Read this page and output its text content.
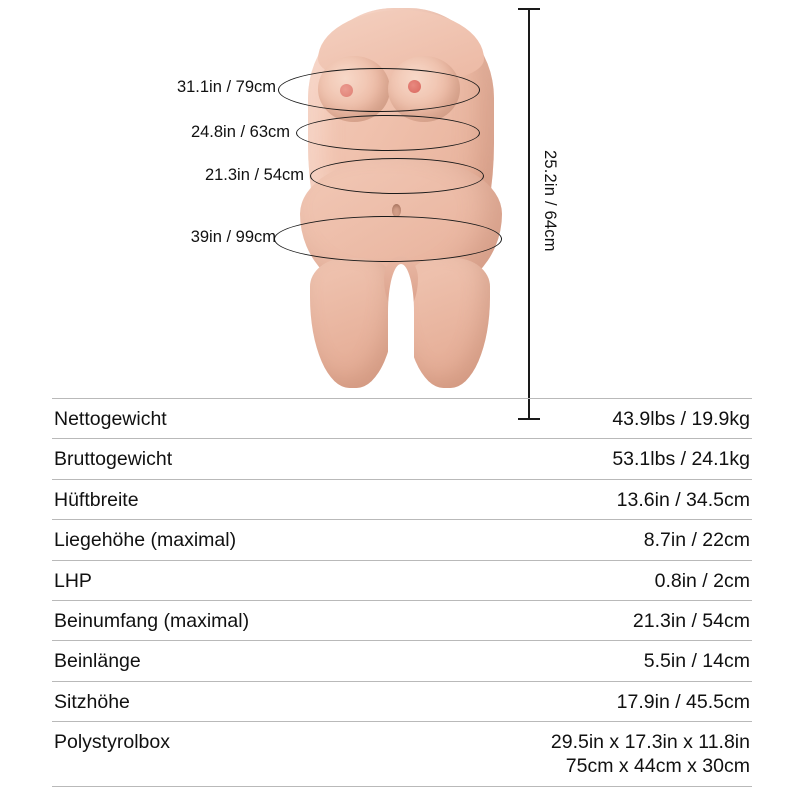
31.1in / 79cm
24.8in / 63cm
21.3in / 54cm
39in / 99cm	25.2in / 64cm
Nettogewicht	43.9lbs / 19.9kg
Bruttogewicht	53.1lbs / 24.1kg
Hüftbreite	13.6in / 34.5cm
Liegehöhe (maximal)	8.7in / 22cm
LHP	0.8in / 2cm
Beinumfang (maximal)	21.3in / 54cm
Beinlänge	5.5in / 14cm
Sitzhöhe	17.9in / 45.5cm
Polystyrolbox	29.5in x 17.3in x 11.8in
75cm x 44cm x 30cm
